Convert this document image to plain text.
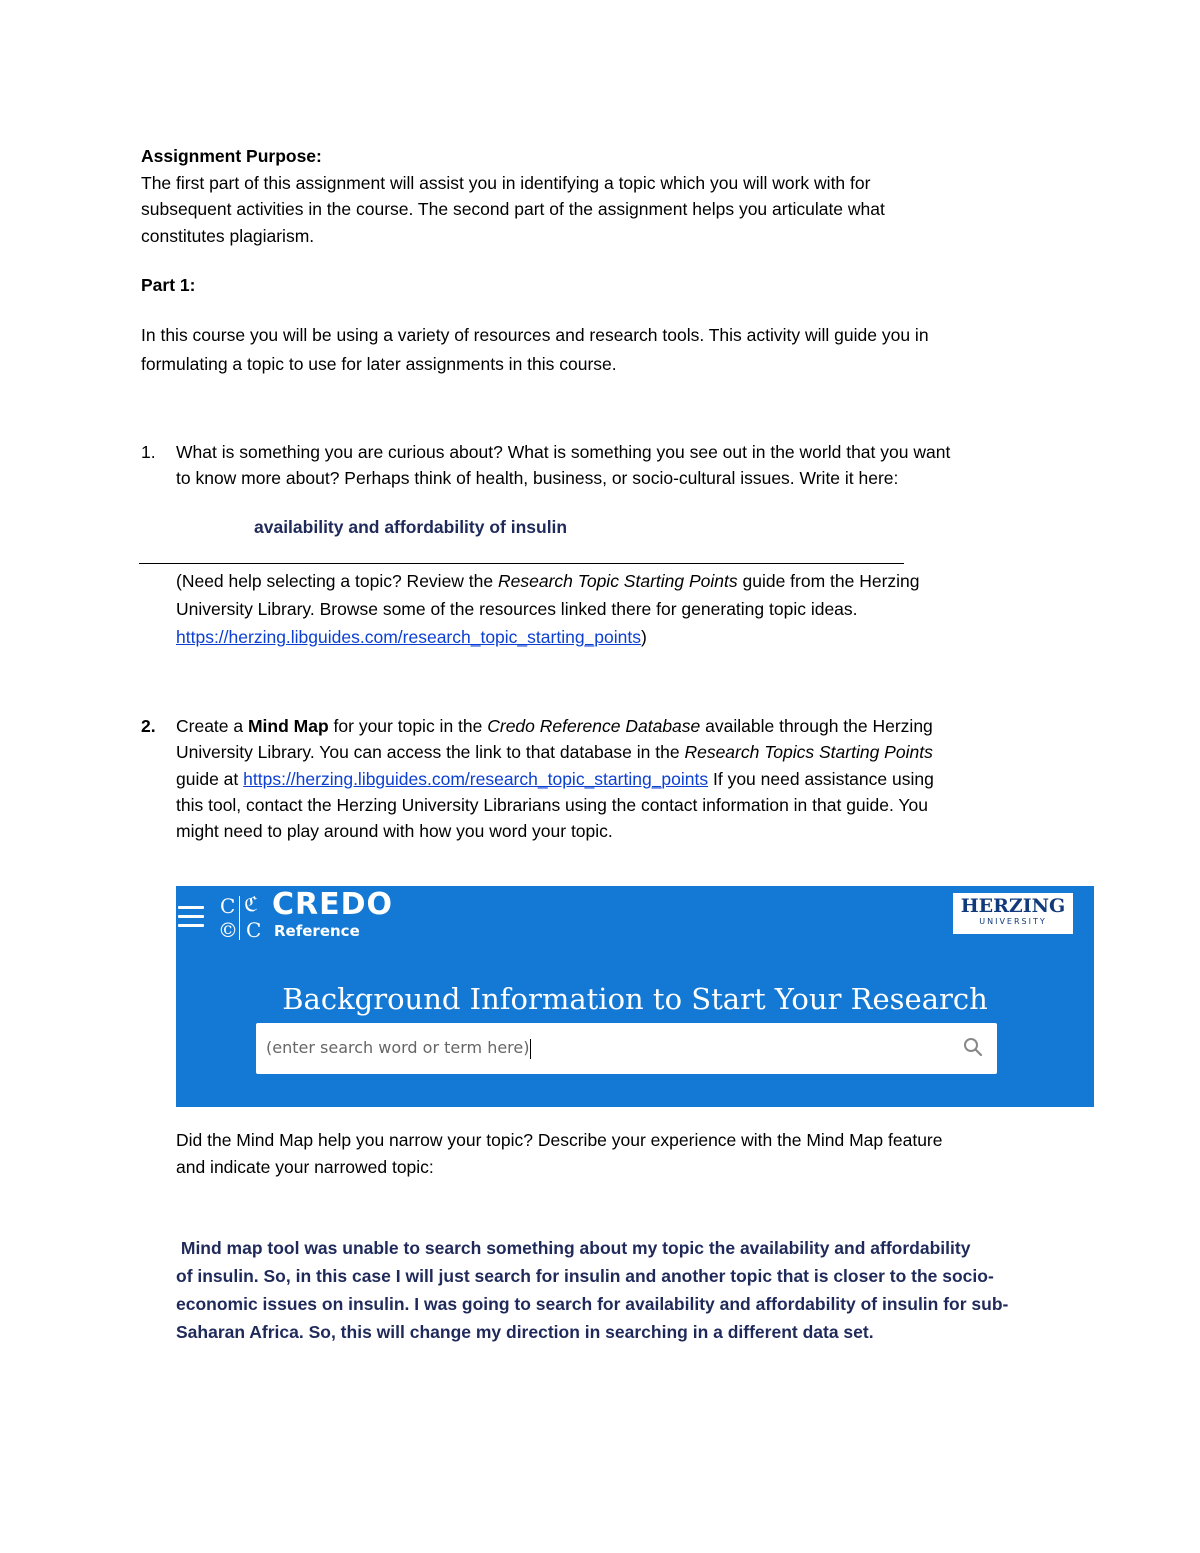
Assignment Purpose:
The first part of this assignment will assist you in identifying a topic which you will work with for
subsequent activities in the course. The second part of the assignment helps you articulate what
constitutes plagiarism.
Part 1:
In this course you will be using a variety of resources and research tools. This activity will guide you in
formulating a topic to use for later assignments in this course.
1. What is something you are curious about? What is something you see out in the world that you want
to know more about? Perhaps think of health, business, or socio-cultural issues. Write it here:
availability and affordability of insulin
(Need help selecting a topic? Review the Research Topic Starting Points guide from the Herzing
University Library. Browse some of the resources linked there for generating topic ideas.
https://herzing.libguides.com/research_topic_starting_points)
2. Create a Mind Map for your topic in the Credo Reference Database available through the Herzing
University Library. You can access the link to that database in the Research Topics Starting Points
guide at https://herzing.libguides.com/research_topic_starting_points If you need assistance using
this tool, contact the Herzing University Librarians using the contact information in that guide. You
might need to play around with how you word your topic.
C ℭ
© C
CREDO
Reference
HERZING
UNIVERSITY
Background Information to Start Your Research
(enter search word or term here)
Did the Mind Map help you narrow your topic? Describe your experience with the Mind Map feature
and indicate your narrowed topic:
Mind map tool was unable to search something about my topic the availability and affordability
of insulin. So, in this case I will just search for insulin and another topic that is closer to the socio-
economic issues on insulin. I was going to search for availability and affordability of insulin for sub-
Saharan Africa. So, this will change my direction in searching in a different data set.
